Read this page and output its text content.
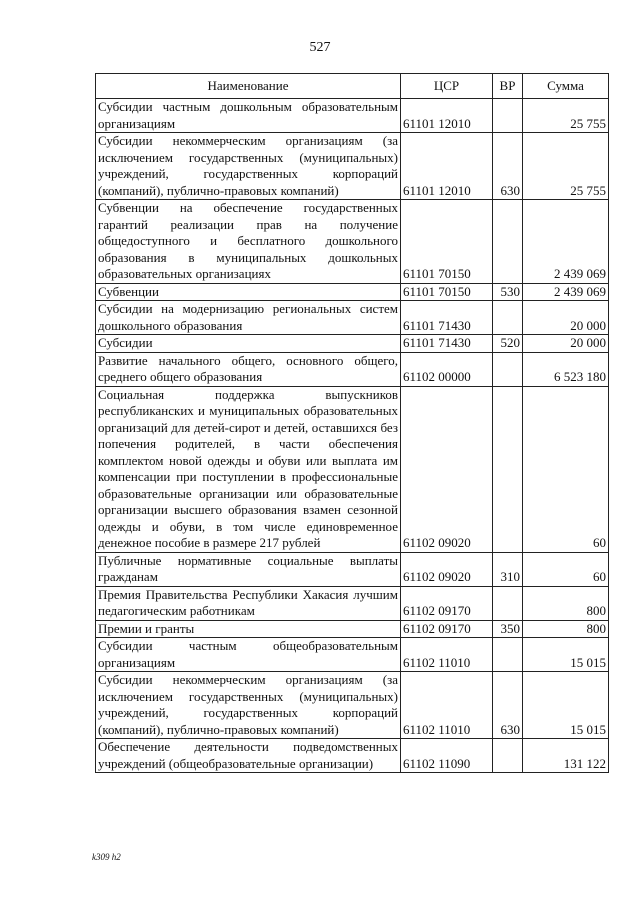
527
Наименование	ЦСР	ВР	Сумма
Субсидии частным дошкольным образовательным организациям	61101 12010		25 755
Субсидии некоммерческим организациям (за исключением государственных (муниципальных) учреждений, государственных корпораций (компаний), публично-правовых компаний)	61101 12010	630	25 755
Субвенции на обеспечение государственных гарантий реализации прав на получение общедоступного и бесплатного дошкольного образования в муниципальных дошкольных образовательных организациях	61101 70150		2 439 069
Субвенции	61101 70150	530	2 439 069
Субсидии на модернизацию региональных систем дошкольного образования	61101 71430		20 000
Субсидии	61101 71430	520	20 000
Развитие начального общего, основного общего, среднего общего образования	61102 00000		6 523 180
Социальная поддержка выпускников республиканских и муниципальных образовательных организаций для детей-сирот и детей, оставшихся без попечения родителей, в части обеспечения комплектом новой одежды и обуви или выплата им компенсации при поступлении в профессиональные образовательные организации или образовательные организации высшего образования взамен сезонной одежды и обуви, в том числе единовременное денежное пособие в размере 217 рублей	61102 09020		60
Публичные нормативные социальные выплаты гражданам	61102 09020	310	60
Премия Правительства Республики Хакасия лучшим педагогическим работникам	61102 09170		800
Премии и гранты	61102 09170	350	800
Субсидии частным общеобразовательным организациям	61102 11010		15 015
Субсидии некоммерческим организациям (за исключением государственных (муниципальных) учреждений, государственных корпораций (компаний), публично-правовых компаний)	61102 11010	630	15 015
Обеспечение деятельности подведомственных учреждений (общеобразовательные организации)	61102 11090		131 122
k309 h2
